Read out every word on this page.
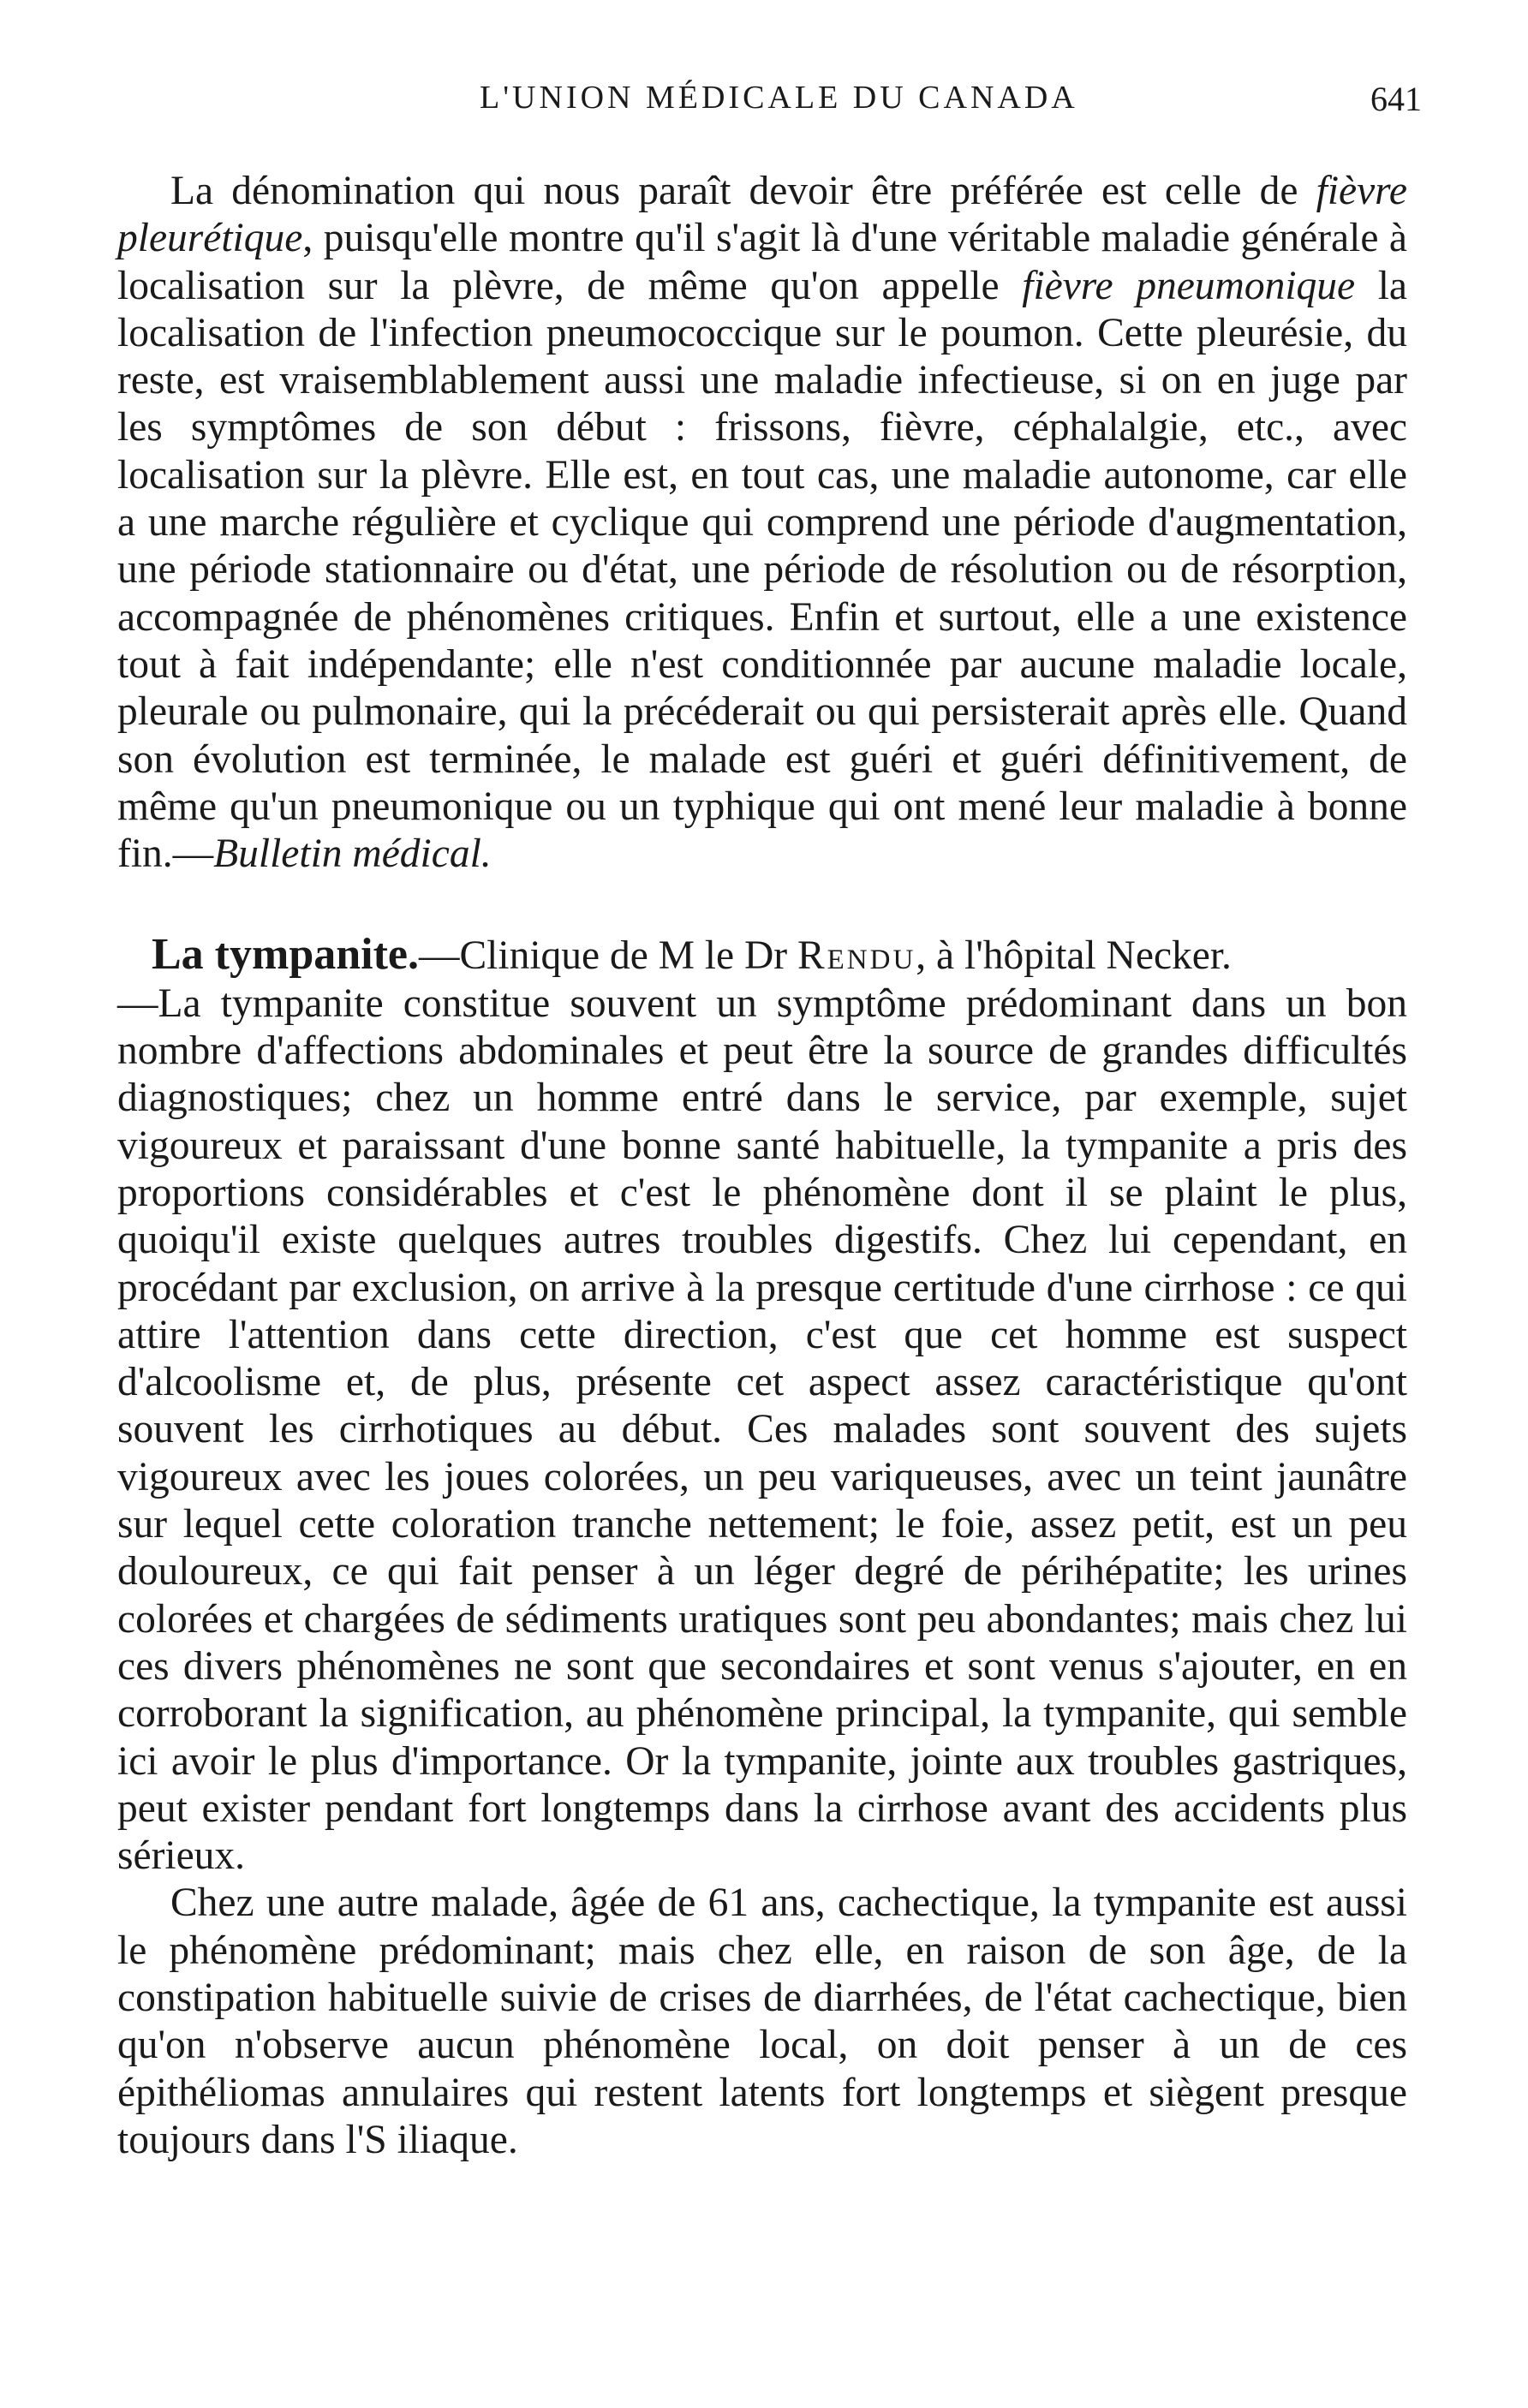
L'UNION MÉDICALE DU CANADA	641

La dénomination qui nous paraît devoir être préférée est celle de fièvre pleurétique, puisqu'elle montre qu'il s'agit là d'une véritable maladie générale à localisation sur la plèvre, de même qu'on appelle fièvre pneumonique la localisation de l'infection pneumococcique sur le poumon. Cette pleurésie, du reste, est vraisemblablement aussi une maladie infectieuse, si on en juge par les symptômes de son début : frissons, fièvre, céphalalgie, etc., avec localisation sur la plèvre. Elle est, en tout cas, une maladie autonome, car elle a une marche régulière et cyclique qui comprend une période d'augmentation, une période stationnaire ou d'état, une période de résolution ou de résorption, accompagnée de phénomènes critiques. Enfin et surtout, elle a une existence tout à fait indépendante; elle n'est conditionnée par aucune maladie locale, pleurale ou pulmonaire, qui la précéderait ou qui persisterait après elle. Quand son évolution est terminée, le malade est guéri et guéri définitivement, de même qu'un pneumonique ou un typhique qui ont mené leur maladie à bonne fin.—Bulletin médical.

La tympanite.—Clinique de M le Dr Rendu, à l'hôpital Necker.
—La tympanite constitue souvent un symptôme prédominant dans un bon nombre d'affections abdominales et peut être la source de grandes difficultés diagnostiques; chez un homme entré dans le service, par exemple, sujet vigoureux et paraissant d'une bonne santé habituelle, la tympanite a pris des proportions considérables et c'est le phénomène dont il se plaint le plus, quoiqu'il existe quelques autres troubles digestifs. Chez lui cependant, en procédant par exclusion, on arrive à la presque certitude d'une cirrhose : ce qui attire l'attention dans cette direction, c'est que cet homme est suspect d'alcoolisme et, de plus, présente cet aspect assez caractéristique qu'ont souvent les cirrhotiques au début. Ces malades sont souvent des sujets vigoureux avec les joues colorées, un peu variqueuses, avec un teint jaunâtre sur lequel cette coloration tranche nettement; le foie, assez petit, est un peu douloureux, ce qui fait penser à un léger degré de périhépatite; les urines colorées et chargées de sédiments uratiques sont peu abondantes; mais chez lui ces divers phénomènes ne sont que secondaires et sont venus s'ajouter, en en corroborant la signification, au phénomène principal, la tympanite, qui semble ici avoir le plus d'importance. Or la tympanite, jointe aux troubles gastriques, peut exister pendant fort longtemps dans la cirrhose avant des accidents plus sérieux.

Chez une autre malade, âgée de 61 ans, cachectique, la tympanite est aussi le phénomène prédominant; mais chez elle, en raison de son âge, de la constipation habituelle suivie de crises de diarrhées, de l'état cachectique, bien qu'on n'observe aucun phénomène local, on doit penser à un de ces épithéliomas annulaires qui restent latents fort longtemps et siègent presque toujours dans l'S iliaque.
